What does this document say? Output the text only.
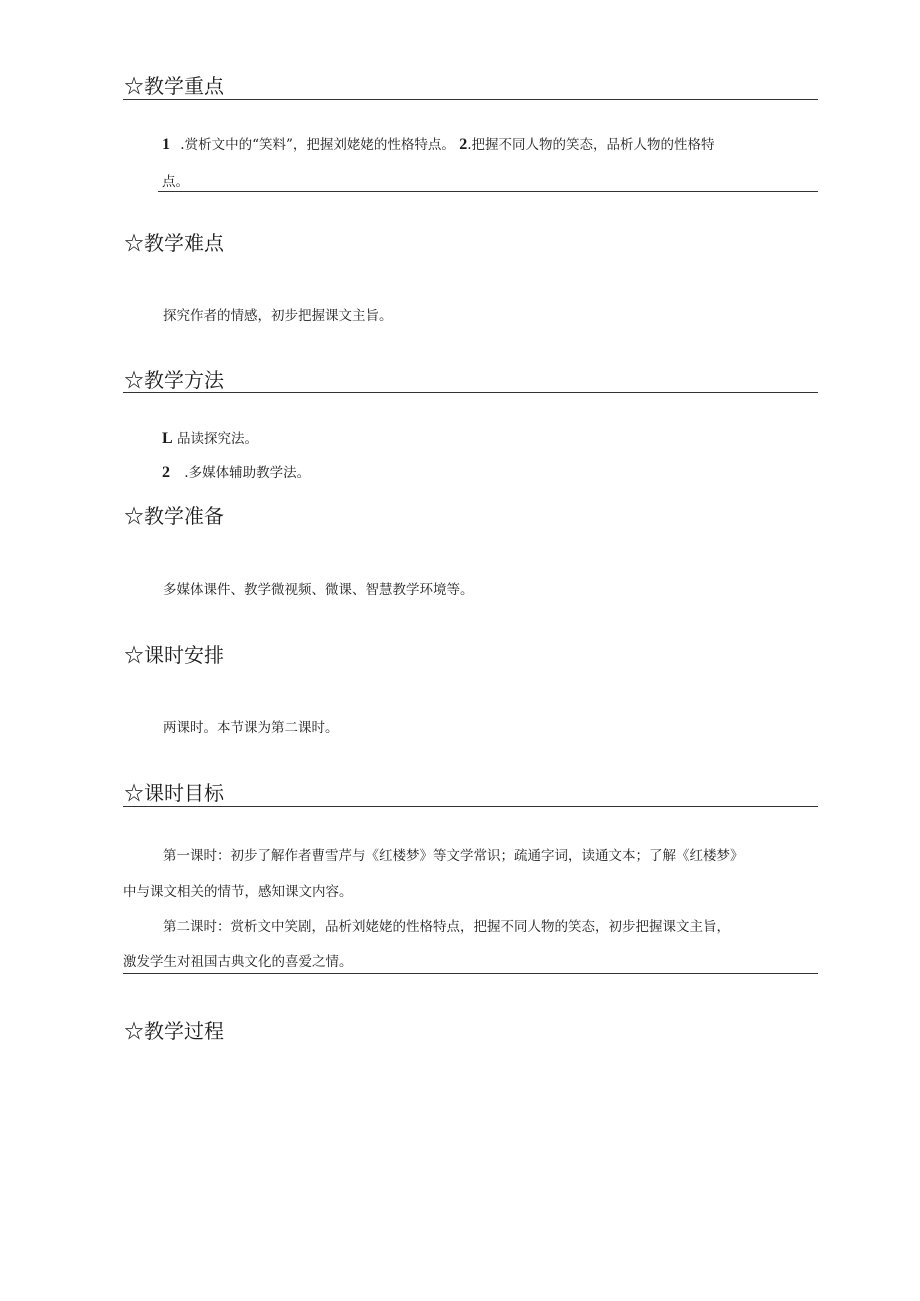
☆教学重点
1 .赏析文中的“笑料”，把握刘姥姥的性格特点。 2.把握不同人物的笑态，品析人物的性格特
点。
☆教学难点
探究作者的情感，初步把握课文主旨。
☆教学方法
L 品读探究法。
2 .多媒体辅助教学法。
☆教学准备
多媒体课件、教学微视频、微课、智慧教学环境等。
☆课时安排
两课时。本节课为第二课时。
☆课时目标
第一课时：初步了解作者曹雪芹与《红楼梦》等文学常识；疏通字词，读通文本；了解《红楼梦》
中与课文相关的情节，感知课文内容。
第二课时：赏析文中笑剧，品析刘姥姥的性格特点，把握不同人物的笑态，初步把握课文主旨，
激发学生对祖国古典文化的喜爱之情。
☆教学过程
